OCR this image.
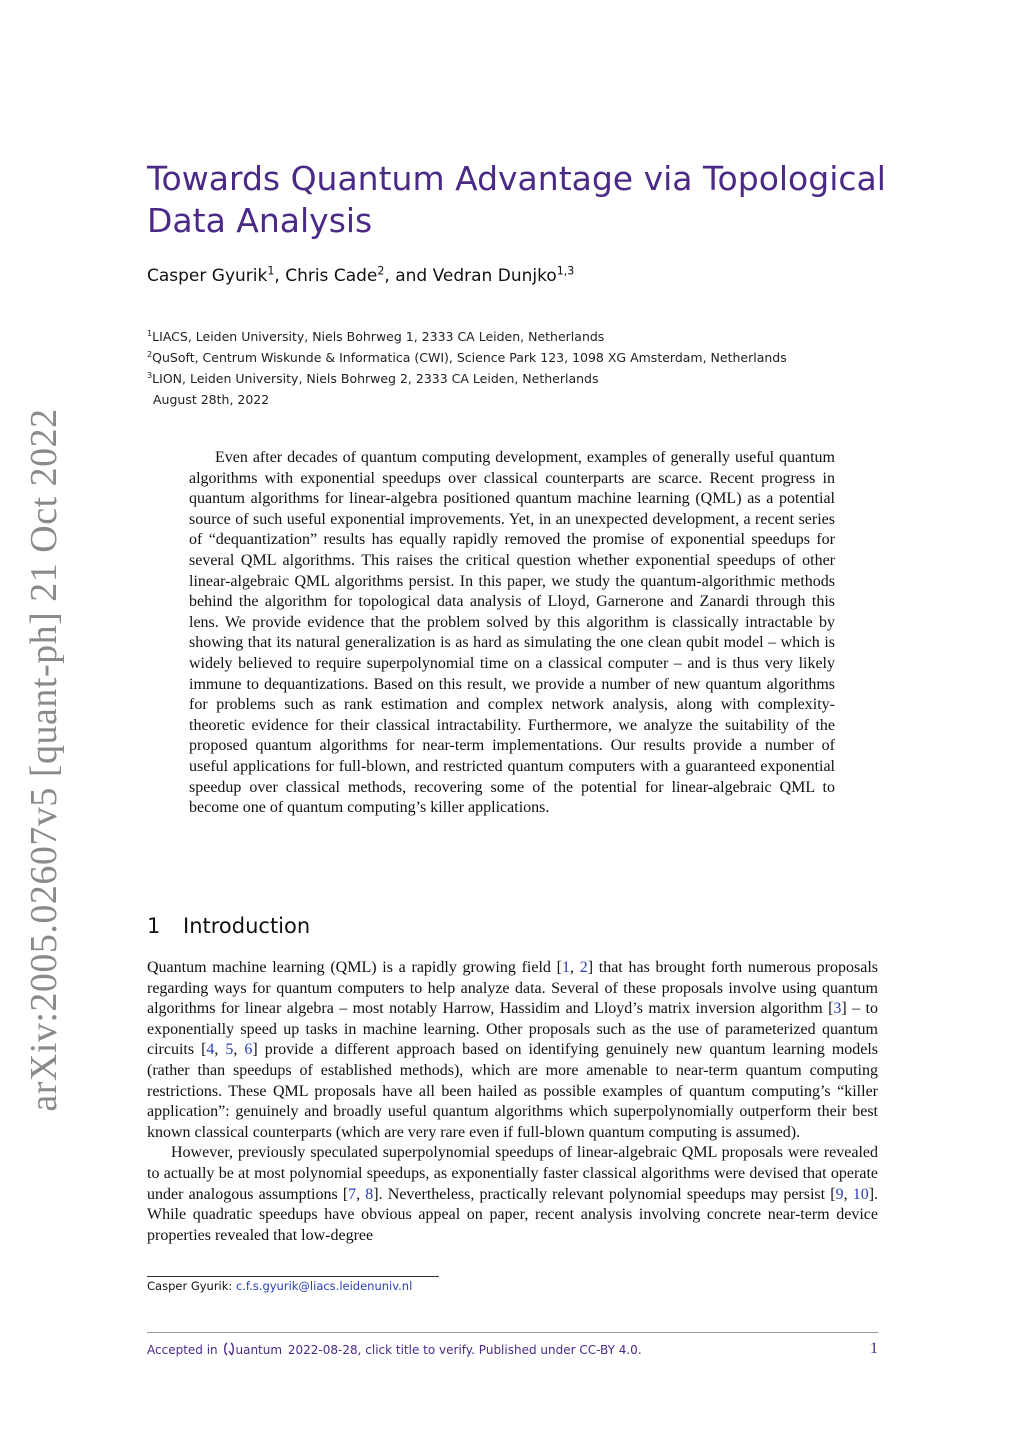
arXiv:2005.02607v5 [quant-ph] 21 Oct 2022
Towards Quantum Advantage via Topological Data Analysis
Casper Gyurik$^1$, Chris Cade$^2$, and Vedran Dunjko$^{1,3}$
$^1$LIACS, Leiden University, Niels Bohrweg 1, 2333 CA Leiden, Netherlands
$^2$QuSoft, Centrum Wiskunde & Informatica (CWI), Science Park 123, 1098 XG Amsterdam, Netherlands
$^3$LION, Leiden University, Niels Bohrweg 2, 2333 CA Leiden, Netherlands
August 28th, 2022

Even after decades of quantum computing development, examples of generally useful quantum algorithms with exponential speedups over classical counterparts are scarce. Recent progress in quantum algorithms for linear-algebra positioned quantum machine learning (QML) as a potential source of such useful exponential improvements. Yet, in an unexpected development, a recent series of “dequantization” results has equally rapidly removed the promise of exponential speedups for several QML algorithms. This raises the critical question whether exponential speedups of other linear-algebraic QML algorithms persist. In this paper, we study the quantum-algorithmic methods behind the algorithm for topological data analysis of Lloyd, Garnerone and Zanardi through this lens. We provide evidence that the problem solved by this algorithm is classically intractable by showing that its natural generalization is as hard as simulating the one clean qubit model – which is widely believed to require superpolynomial time on a classical computer – and is thus very likely immune to dequantizations. Based on this result, we provide a number of new quantum algorithms for problems such as rank estimation and complex network analysis, along with complexity-theoretic evidence for their classical intractability. Furthermore, we analyze the suitability of the proposed quantum algorithms for near-term implementations. Our results provide a number of useful applications for full-blown, and restricted quantum computers with a guaranteed exponential speedup over classical methods, recovering some of the potential for linear-algebraic QML to become one of quantum computing’s killer applications.

1 Introduction

Quantum machine learning (QML) is a rapidly growing field [1, 2] that has brought forth numerous proposals regarding ways for quantum computers to help analyze data. Several of these proposals involve using quantum algorithms for linear algebra – most notably Harrow, Hassidim and Lloyd’s matrix inversion algorithm [3] – to exponentially speed up tasks in machine learning. Other proposals such as the use of parameterized quantum circuits [4, 5, 6] provide a different approach based on identifying genuinely new quantum learning models (rather than speedups of established methods), which are more amenable to near-term quantum computing restrictions. These QML proposals have all been hailed as possible examples of quantum computing’s “killer application”: genuinely and broadly useful quantum algorithms which superpolynomially outperform their best known classical counterparts (which are very rare even if full-blown quantum computing is assumed).

However, previously speculated superpolynomial speedups of linear-algebraic QML proposals were revealed to actually be at most polynomial speedups, as exponentially faster classical algorithms were devised that operate under analogous assumptions [7, 8]. Nevertheless, practically relevant polynomial speedups may persist [9, 10]. While quadratic speedups have obvious appeal on paper, recent analysis involving concrete near-term device properties revealed that low-degree

Casper Gyurik: c.f.s.gyurik@liacs.leidenuniv.nl
Accepted in uantum 2022-08-28, click title to verify. Published under CC-BY 4.0.	1
